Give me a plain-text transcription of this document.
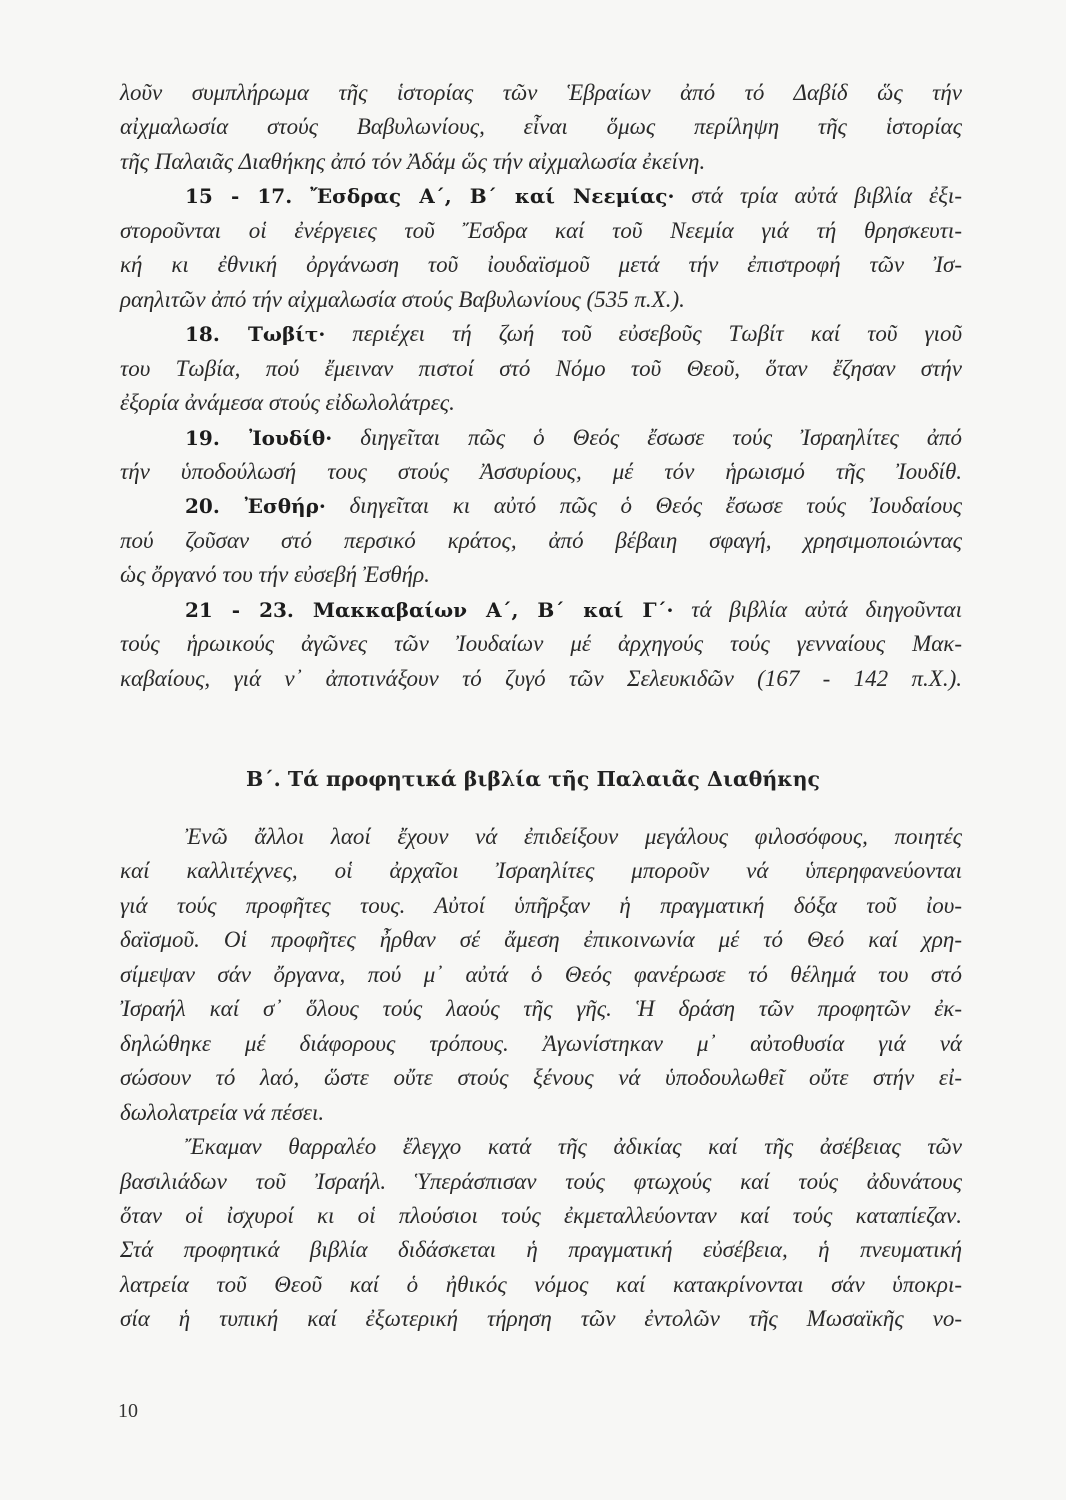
λοῦν συμπλήρωμα τῆς ἱστορίας τῶν Ἑβραίων ἀπό τό Δαβίδ ὥς τήν
αἰχμαλωσία στούς Βαβυλωνίους, εἶναι ὅμως περίληψη τῆς ἱστορίας
τῆς Παλαιᾶς Διαθήκης ἀπό τόν Ἀδάμ ὥς τήν αἰχμαλωσία ἐκείνη.
15 - 17. Ἔσδρας Α΄, Β΄ καί Νεεμίας· στά τρία αὐτά βιβλία ἐξι-
στοροῦνται οἱ ἐνέργειες τοῦ Ἔσδρα καί τοῦ Νεεμία γιά τή θρησκευτι-
κή κι ἐθνική ὀργάνωση τοῦ ἰουδαϊσμοῦ μετά τήν ἐπιστροφή τῶν Ἰσ-
ραηλιτῶν ἀπό τήν αἰχμαλωσία στούς Βαβυλωνίους (535 π.Χ.).
18. Τωβίτ· περιέχει τή ζωή τοῦ εὐσεβοῦς Τωβίτ καί τοῦ γιοῦ
του Τωβία, πού ἔμειναν πιστοί στό Νόμο τοῦ Θεοῦ, ὅταν ἔζησαν στήν
ἐξορία ἀνάμεσα στούς εἰδωλολάτρες.
19. Ἰουδίθ· διηγεῖται πῶς ὁ Θεός ἔσωσε τούς Ἰσραηλίτες ἀπό
τήν ὑποδούλωσή τους στούς Ἀσσυρίους, μέ τόν ἡρωισμό τῆς Ἰουδίθ.
20. Ἐσθήρ· διηγεῖται κι αὐτό πῶς ὁ Θεός ἔσωσε τούς Ἰουδαίους
πού ζοῦσαν στό περσικό κράτος, ἀπό βέβαιη σφαγή, χρησιμοποιώντας
ὡς ὄργανό του τήν εὐσεβή Ἐσθήρ.
21 - 23. Μακκαβαίων Α΄, Β΄ καί Γ΄· τά βιβλία αὐτά διηγοῦνται
τούς ἡρωικούς ἀγῶνες τῶν Ἰουδαίων μέ ἀρχηγούς τούς γενναίους Μακ-
καβαίους, γιά ν᾿ ἀποτινάξουν τό ζυγό τῶν Σελευκιδῶν (167 - 142 π.Χ.).
Β΄. Τά προφητικά βιβλία τῆς Παλαιᾶς Διαθήκης
Ἐνῶ ἄλλοι λαοί ἔχουν νά ἐπιδείξουν μεγάλους φιλοσόφους, ποιητές
καί καλλιτέχνες, οἱ ἀρχαῖοι Ἰσραηλίτες μποροῦν νά ὑπερηφανεύονται
γιά τούς προφῆτες τους. Αὐτοί ὑπῆρξαν ἡ πραγματική δόξα τοῦ ἰου-
δαϊσμοῦ. Οἱ προφῆτες ἦρθαν σέ ἄμεση ἐπικοινωνία μέ τό Θεό καί χρη-
σίμεψαν σάν ὄργανα, πού μ᾿ αὐτά ὁ Θεός φανέρωσε τό θέλημά του στό
Ἰσραήλ καί σ᾿ ὅλους τούς λαούς τῆς γῆς. Ἡ δράση τῶν προφητῶν ἐκ-
δηλώθηκε μέ διάφορους τρόπους. Ἀγωνίστηκαν μ᾿ αὐτοθυσία γιά νά
σώσουν τό λαό, ὥστε οὔτε στούς ξένους νά ὑποδουλωθεῖ οὔτε στήν εἰ-
δωλολατρεία νά πέσει.
Ἔκαμαν θαρραλέο ἔλεγχο κατά τῆς ἀδικίας καί τῆς ἀσέβειας τῶν
βασιλιάδων τοῦ Ἰσραήλ. Ὑπεράσπισαν τούς φτωχούς καί τούς ἀδυνάτους
ὅταν οἱ ἰσχυροί κι οἱ πλούσιοι τούς ἐκμεταλλεύονταν καί τούς καταπίεζαν.
Στά προφητικά βιβλία διδάσκεται ἡ πραγματική εὐσέβεια, ἡ πνευματική
λατρεία τοῦ Θεοῦ καί ὁ ἠθικός νόμος καί κατακρίνονται σάν ὑποκρι-
σία ἡ τυπική καί ἐξωτερική τήρηση τῶν ἐντολῶν τῆς Μωσαϊκῆς νο-
10
